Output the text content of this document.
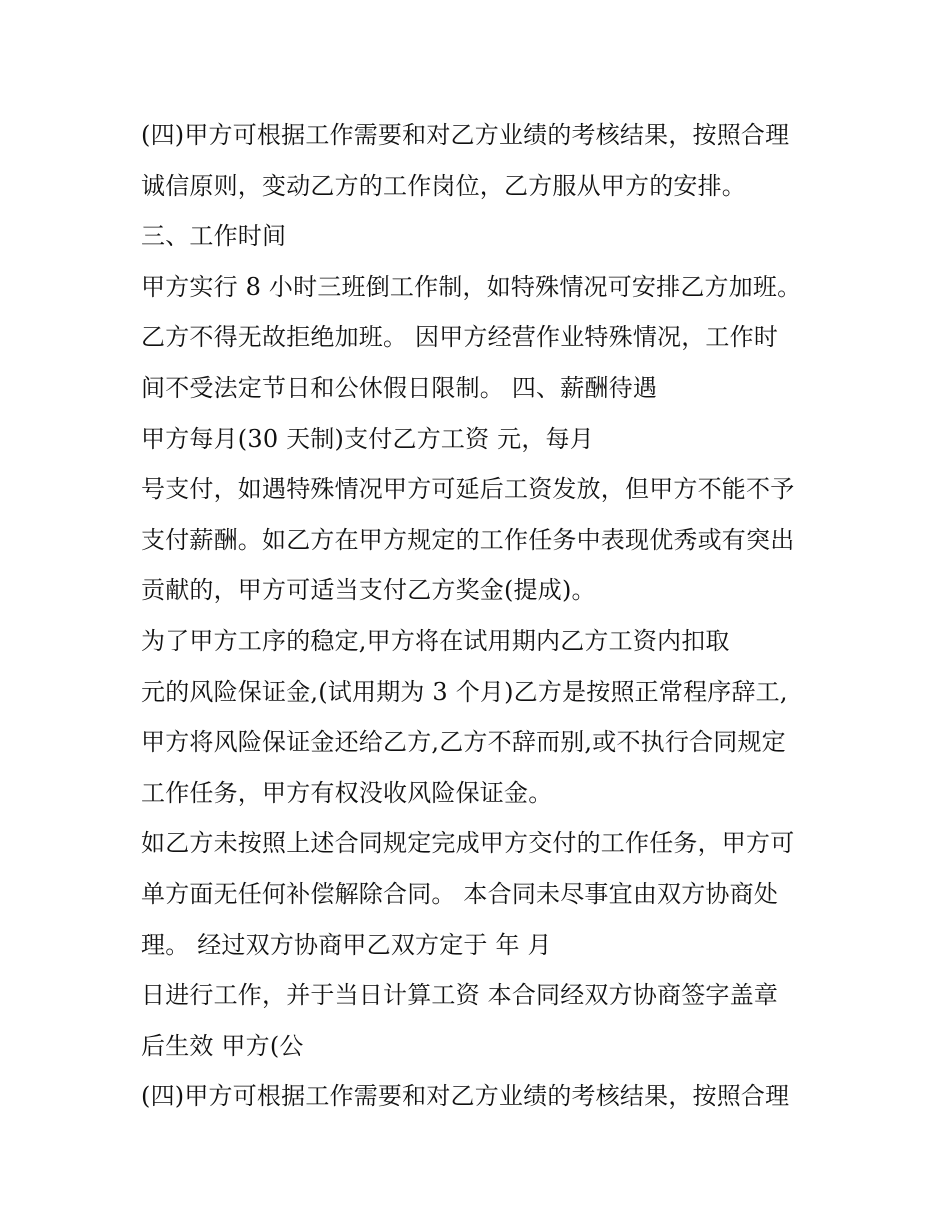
(四)甲方可根据工作需要和对乙方业绩的考核结果，按照合理
诚信原则，变动乙方的工作岗位，乙方服从甲方的安排。
三、工作时间
甲方实行 8 小时三班倒工作制，如特殊情况可安排乙方加班。
乙方不得无故拒绝加班。 因甲方经营作业特殊情况，工作时
间不受法定节日和公休假日限制。 四、薪酬待遇
甲方每月(30 天制)支付乙方工资 元，每月
号支付，如遇特殊情况甲方可延后工资发放，但甲方不能不予
支付薪酬。如乙方在甲方规定的工作任务中表现优秀或有突出
贡献的，甲方可适当支付乙方奖金(提成)。
为了甲方工序的稳定,甲方将在试用期内乙方工资内扣取
元的风险保证金,(试用期为 3 个月)乙方是按照正常程序辞工,
甲方将风险保证金还给乙方,乙方不辞而别,或不执行合同规定
工作任务，甲方有权没收风险保证金。
如乙方未按照上述合同规定完成甲方交付的工作任务，甲方可
单方面无任何补偿解除合同。 本合同未尽事宜由双方协商处
理。 经过双方协商甲乙双方定于 年 月
日进行工作，并于当日计算工资 本合同经双方协商签字盖章
后生效 甲方(公
(四)甲方可根据工作需要和对乙方业绩的考核结果，按照合理
